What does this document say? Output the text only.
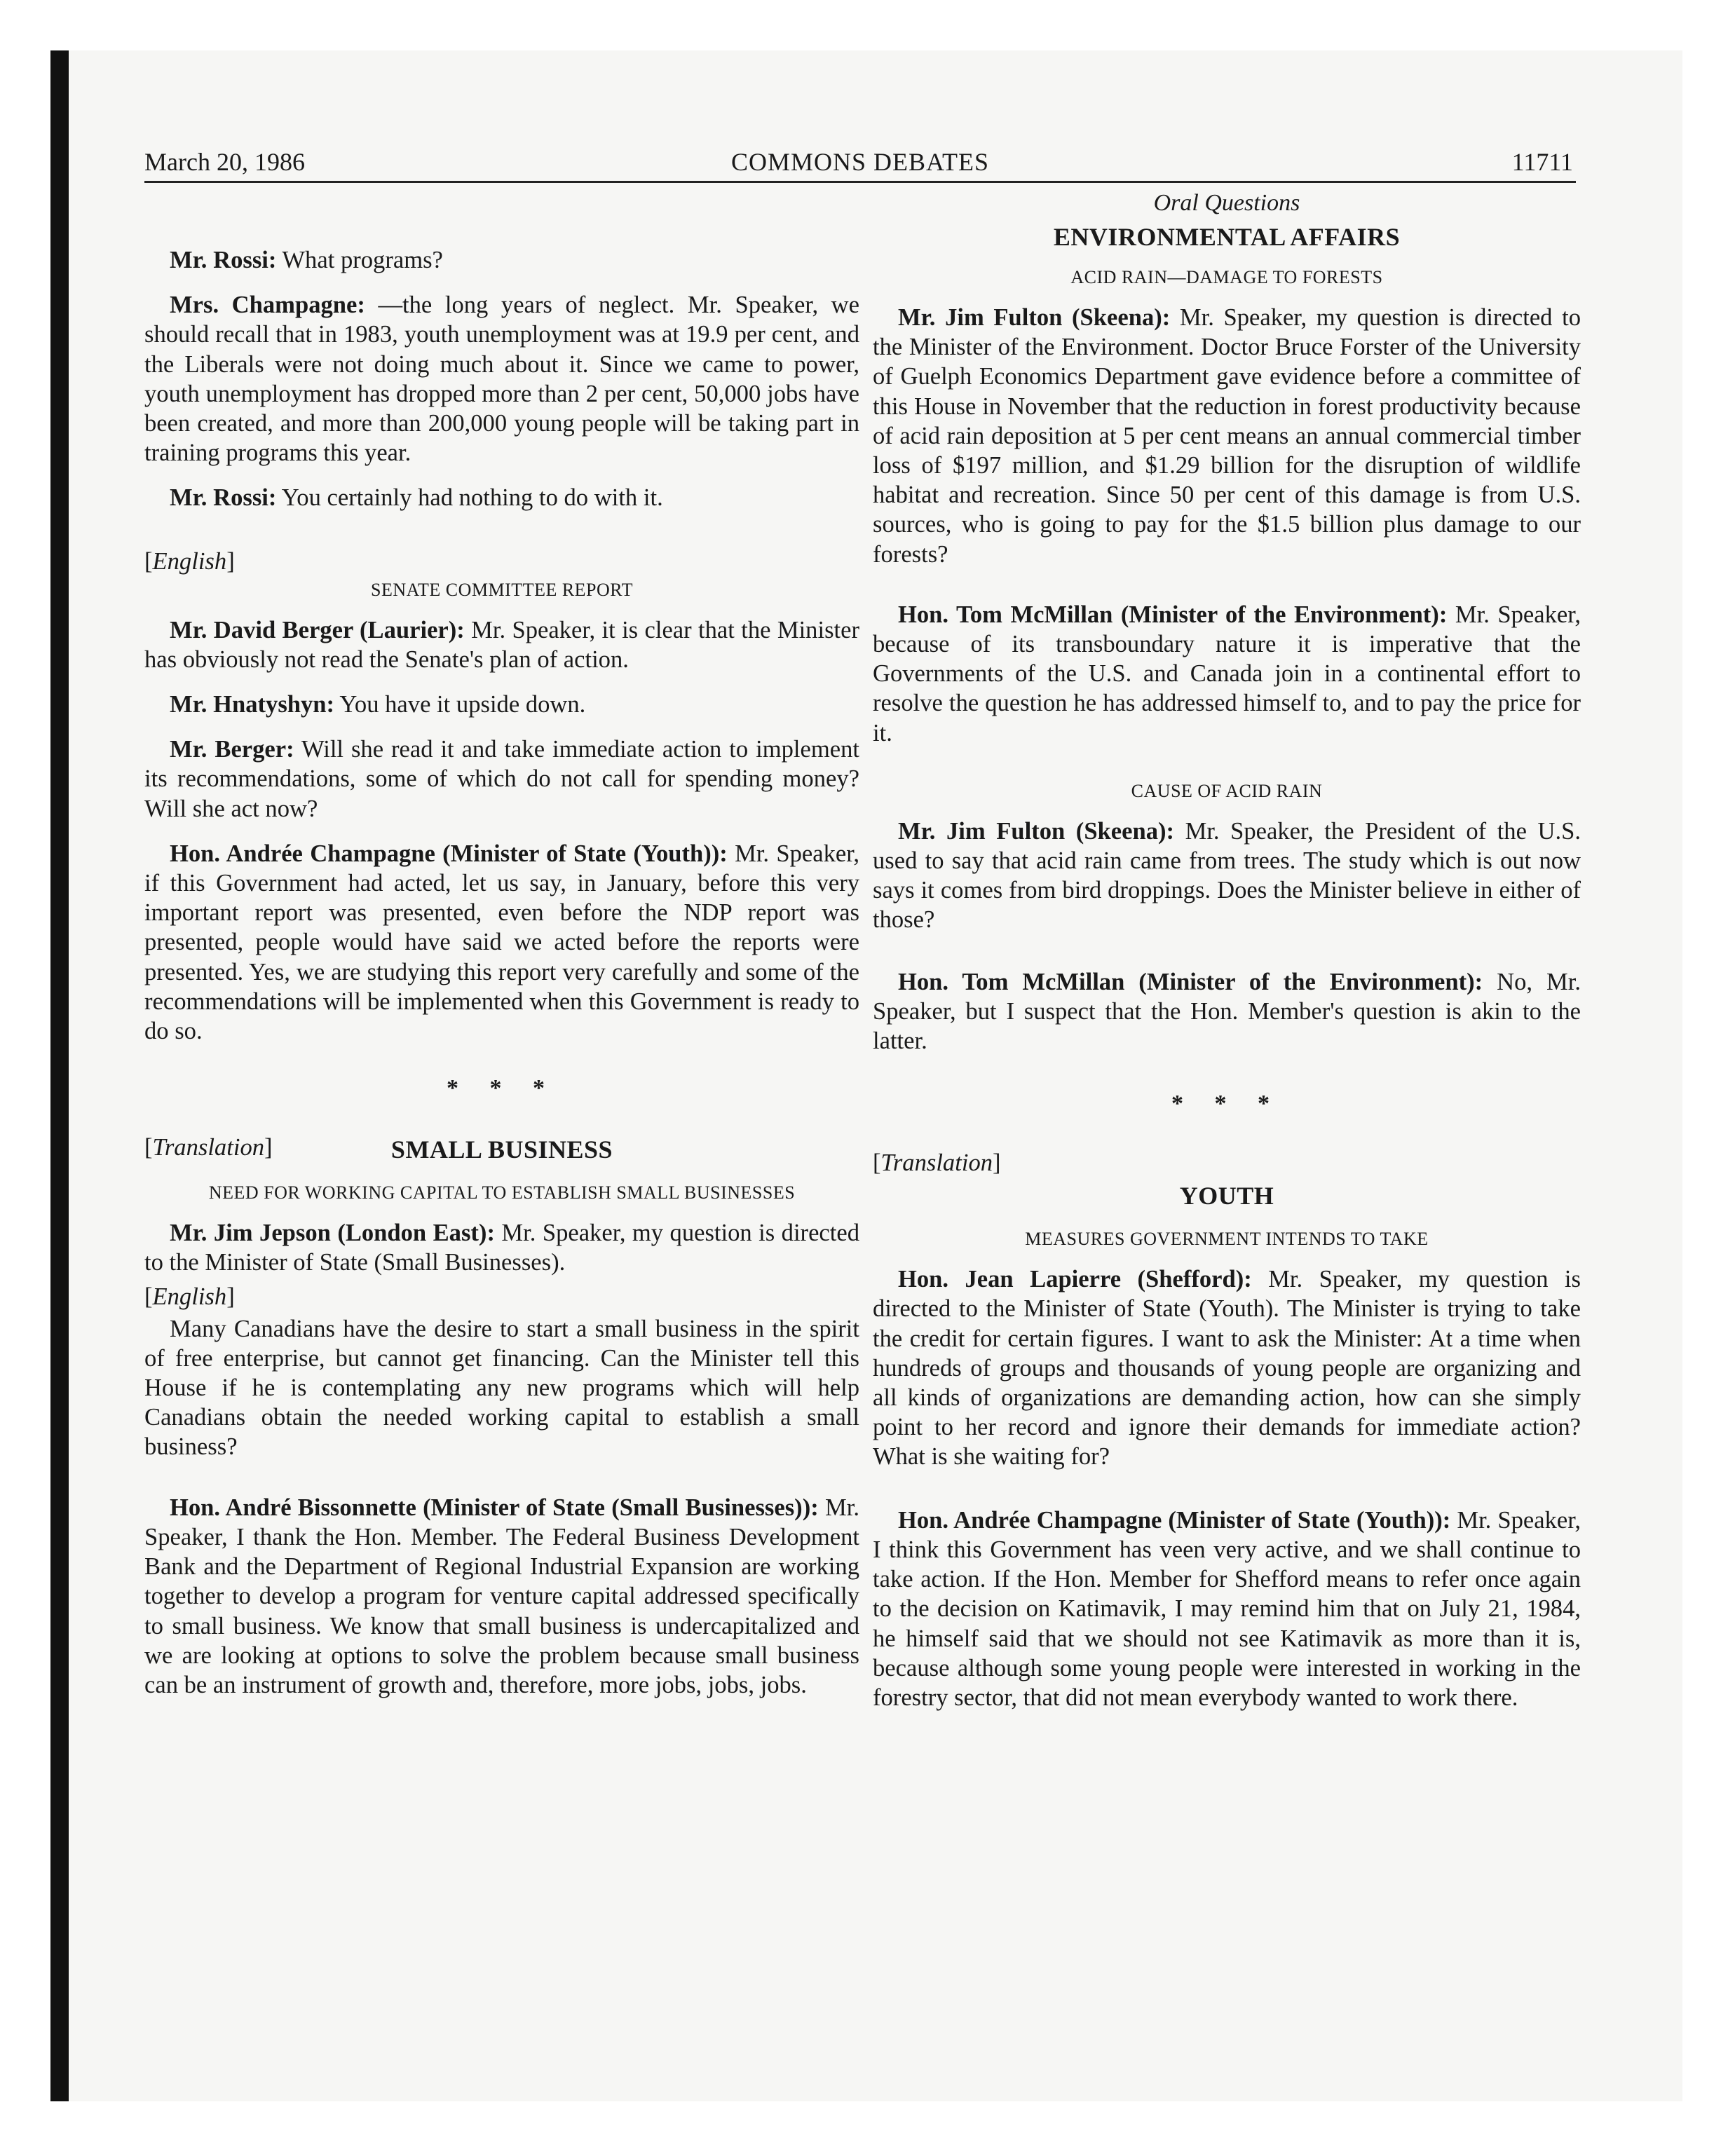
March 20, 1986	COMMONS DEBATES	11711

Mr. Rossi: What programs?

Mrs. Champagne: —the long years of neglect. Mr. Speaker, we should recall that in 1983, youth unemployment was at 19.9 per cent, and the Liberals were not doing much about it. Since we came to power, youth unemployment has dropped more than 2 per cent, 50,000 jobs have been created, and more than 200,000 young people will be taking part in training programs this year.

Mr. Rossi: You certainly had nothing to do with it.

[English]

SENATE COMMITTEE REPORT

Mr. David Berger (Laurier): Mr. Speaker, it is clear that the Minister has obviously not read the Senate's plan of action.

Mr. Hnatyshyn: You have it upside down.

Mr. Berger: Will she read it and take immediate action to implement its recommendations, some of which do not call for spending money? Will she act now?

Hon. Andrée Champagne (Minister of State (Youth)): Mr. Speaker, if this Government had acted, let us say, in January, before this very important report was presented, even before the NDP report was presented, people would have said we acted before the reports were presented. Yes, we are studying this report very carefully and some of the recommendations will be implemented when this Government is ready to do so.

* * *

[Translation]	SMALL BUSINESS

NEED FOR WORKING CAPITAL TO ESTABLISH SMALL BUSINESSES

Mr. Jim Jepson (London East): Mr. Speaker, my question is directed to the Minister of State (Small Businesses).

[English]

Many Canadians have the desire to start a small business in the spirit of free enterprise, but cannot get financing. Can the Minister tell this House if he is contemplating any new programs which will help Canadians obtain the needed working capital to establish a small business?

Hon. André Bissonnette (Minister of State (Small Businesses)): Mr. Speaker, I thank the Hon. Member. The Federal Business Development Bank and the Department of Regional Industrial Expansion are working together to develop a program for venture capital addressed specifically to small business. We know that small business is undercapitalized and we are looking at options to solve the problem because small business can be an instrument of growth and, therefore, more jobs, jobs, jobs.

Oral Questions

ENVIRONMENTAL AFFAIRS

ACID RAIN—DAMAGE TO FORESTS

Mr. Jim Fulton (Skeena): Mr. Speaker, my question is directed to the Minister of the Environment. Doctor Bruce Forster of the University of Guelph Economics Department gave evidence before a committee of this House in November that the reduction in forest productivity because of acid rain deposition at 5 per cent means an annual commercial timber loss of $197 million, and $1.29 billion for the disruption of wildlife habitat and recreation. Since 50 per cent of this damage is from U.S. sources, who is going to pay for the $1.5 billion plus damage to our forests?

Hon. Tom McMillan (Minister of the Environment): Mr. Speaker, because of its transboundary nature it is imperative that the Governments of the U.S. and Canada join in a continental effort to resolve the question he has addressed himself to, and to pay the price for it.

CAUSE OF ACID RAIN

Mr. Jim Fulton (Skeena): Mr. Speaker, the President of the U.S. used to say that acid rain came from trees. The study which is out now says it comes from bird droppings. Does the Minister believe in either of those?

Hon. Tom McMillan (Minister of the Environment): No, Mr. Speaker, but I suspect that the Hon. Member's question is akin to the latter.

* * *

[Translation]

YOUTH

MEASURES GOVERNMENT INTENDS TO TAKE

Hon. Jean Lapierre (Shefford): Mr. Speaker, my question is directed to the Minister of State (Youth). The Minister is trying to take the credit for certain figures. I want to ask the Minister: At a time when hundreds of groups and thousands of young people are organizing and all kinds of organizations are demanding action, how can she simply point to her record and ignore their demands for immediate action? What is she waiting for?

Hon. Andrée Champagne (Minister of State (Youth)): Mr. Speaker, I think this Government has veen very active, and we shall continue to take action. If the Hon. Member for Shefford means to refer once again to the decision on Katimavik, I may remind him that on July 21, 1984, he himself said that we should not see Katimavik as more than it is, because although some young people were interested in working in the forestry sector, that did not mean everybody wanted to work there.
